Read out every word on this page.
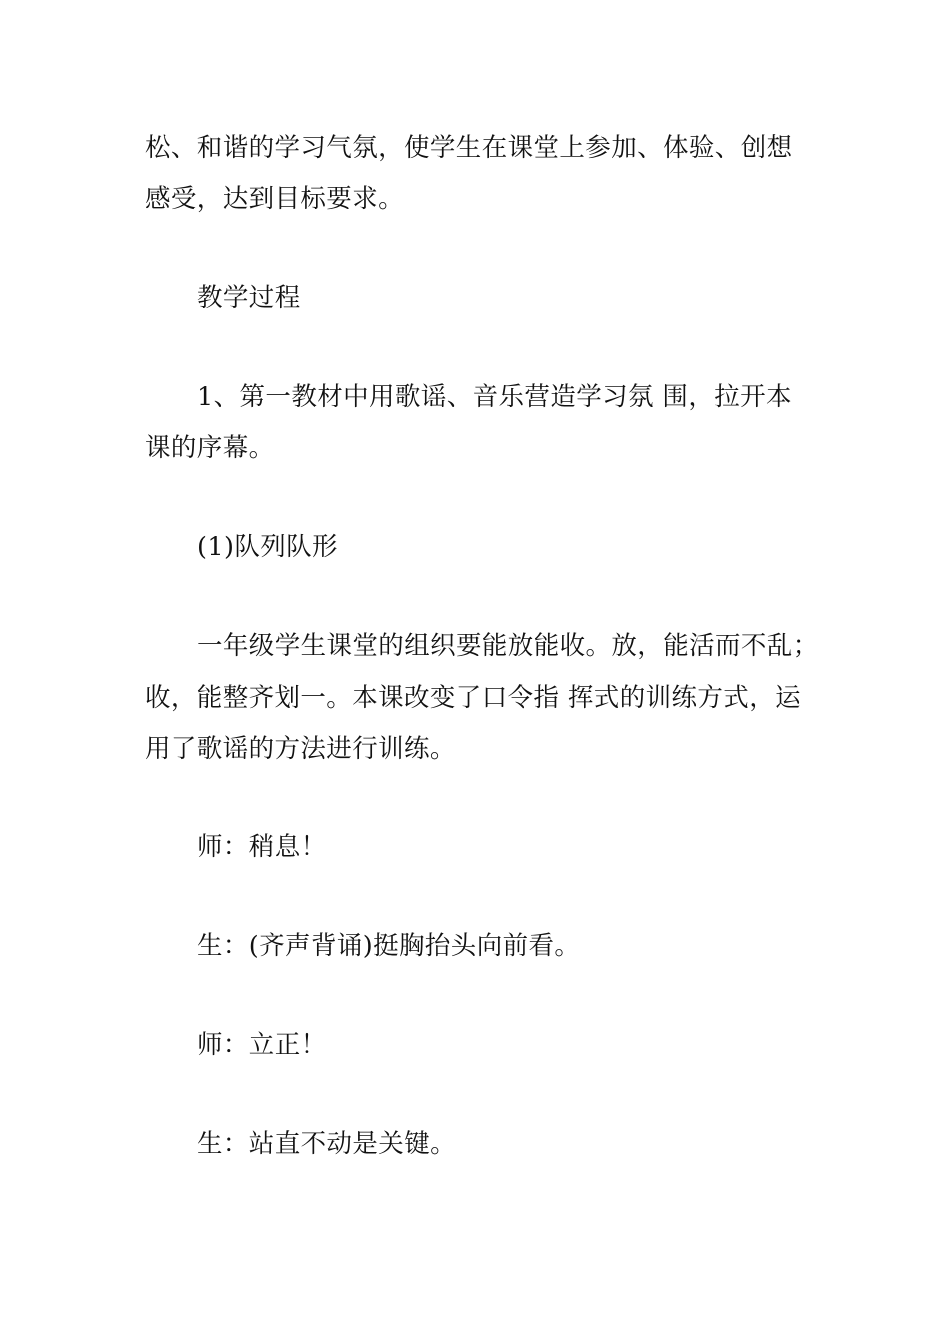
松、和谐的学习气氛，使学生在课堂上参加、体验、创想
感受，达到目标要求。
教学过程
1、第一教材中用歌谣、音乐营造学习氛 围，拉开本
课的序幕。
(1)队列队形
一年级学生课堂的组织要能放能收。放，能活而不乱；
收，能整齐划一。本课改变了口令指 挥式的训练方式，运
用了歌谣的方法进行训练。
师：稍息！
生：(齐声背诵)挺胸抬头向前看。
师：立正！
生：站直不动是关键。
